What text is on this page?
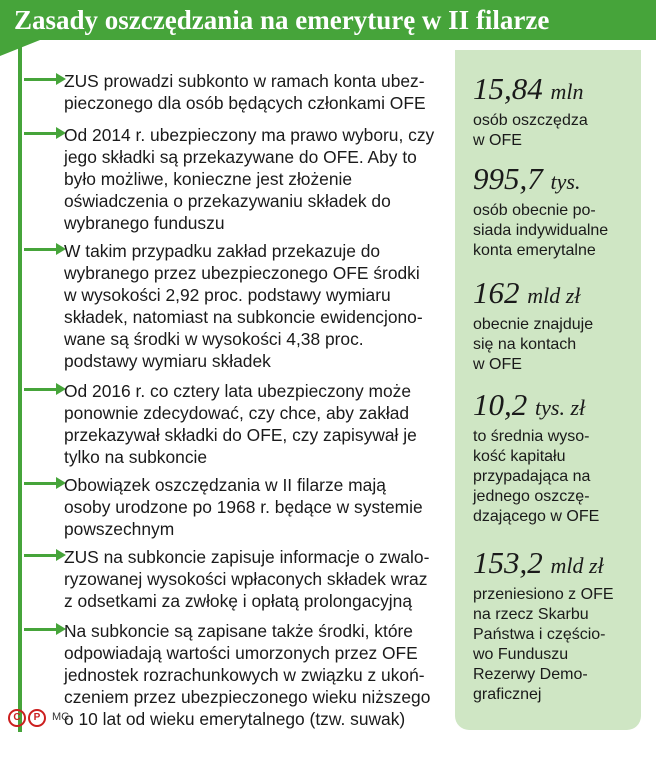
Zasady oszczędzania na emeryturę w II filarze
ZUS prowadzi subkonto w ramach konta ubez-
pieczonego dla osób będących członkami OFE
Od 2014 r. ubezpieczony ma prawo wyboru, czy
jego składki są przekazywane do OFE. Aby to
było możliwe, konieczne jest złożenie
oświadczenia o przekazywaniu składek do
wybranego funduszu
W takim przypadku zakład przekazuje do
wybranego przez ubezpieczonego OFE środki
w wysokości 2,92 proc. podstawy wymiaru
składek, natomiast na subkoncie ewidencjono-
wane są środki w wysokości 4,38 proc.
podstawy wymiaru składek
Od 2016 r. co cztery lata ubezpieczony może
ponownie zdecydować, czy chce, aby zakład
przekazywał składki do OFE, czy zapisywał je
tylko na subkoncie
Obowiązek oszczędzania w II filarze mają
osoby urodzone po 1968 r. będące w systemie
powszechnym
ZUS na subkoncie zapisuje informacje o zwalo-
ryzowanej wysokości wpłaconych składek wraz
z odsetkami za zwłokę i opłatą prolongacyjną
Na subkoncie są zapisane także środki, które
odpowiadają wartości umorzonych przez OFE
jednostek rozrachunkowych w związku z ukoń-
czeniem przez ubezpieczonego wieku niższego
o 10 lat od wieku emerytalnego (tzw. suwak)
15,84 mln
osób oszczędza
w OFE
995,7 tys.
osób obecnie po-
siada indywidualne
konta emerytalne
162 mld zł
obecnie znajduje
się na kontach
w OFE
10,2 tys. zł
to średnia wyso-
kość kapitału
przypadająca na
jednego oszczę-
dzającego w OFE
153,2 mld zł
przeniesiono z OFE
na rzecz Skarbu
Państwa i częścio-
wo Funduszu
Rezerwy Demo-
graficznej
C P MC
